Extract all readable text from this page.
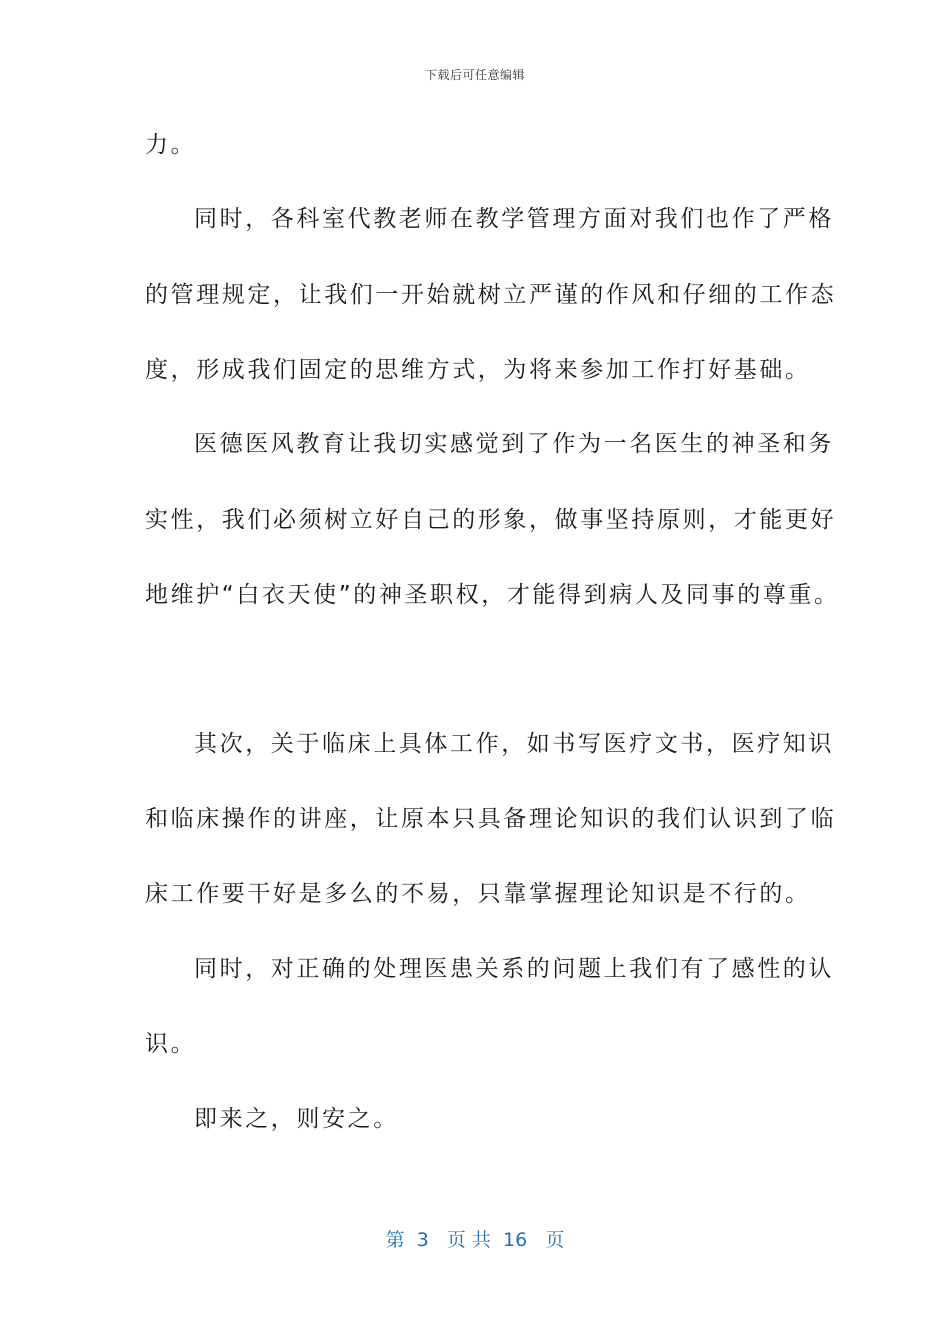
下载后可任意编辑
力。
同时，各科室代教老师在教学管理方面对我们也作了严格
的管理规定，让我们一开始就树立严谨的作风和仔细的工作态
度，形成我们固定的思维方式，为将来参加工作打好基础。
医德医风教育让我切实感觉到了作为一名医生的神圣和务
实性，我们必须树立好自己的形象，做事坚持原则，才能更好
地维护“白衣天使”的神圣职权，才能得到病人及同事的尊重。
其次，关于临床上具体工作，如书写医疗文书，医疗知识
和临床操作的讲座，让原本只具备理论知识的我们认识到了临
床工作要干好是多么的不易，只靠掌握理论知识是不行的。
同时，对正确的处理医患关系的问题上我们有了感性的认
识。
即来之，则安之。
第  3   页 共  16   页
